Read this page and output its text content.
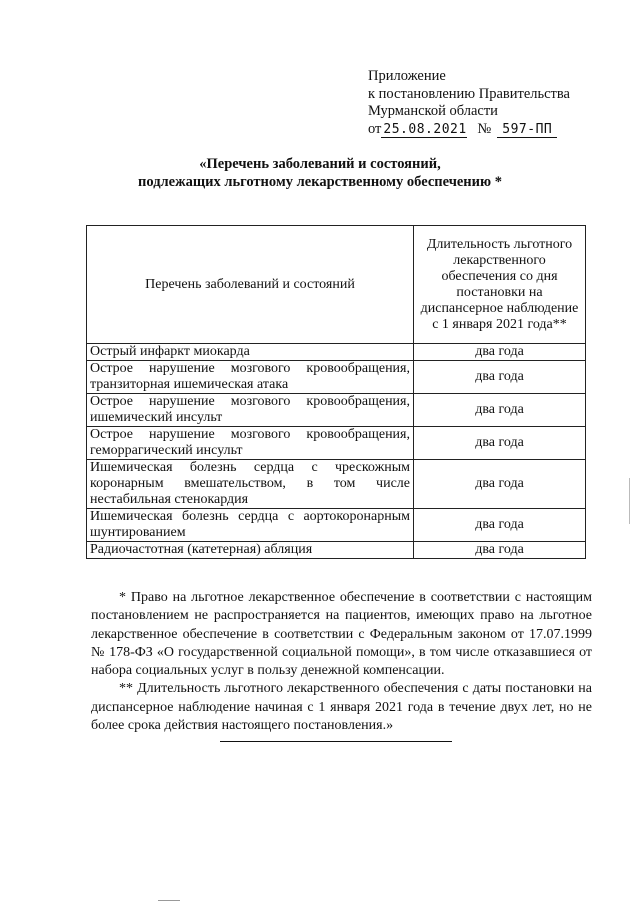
Приложение
к постановлению Правительства
Мурманской области
от 25.08.2021 № 597-ПП
«Перечень заболеваний и состояний,
подлежащих льготному лекарственному обеспечению *
Перечень заболеваний и состояний	Длительность льготного лекарственного обеспечения со дня постановки на диспансерное наблюдение с 1 января 2021 года**
Острый инфаркт миокарда	два года
Острое нарушение мозгового кровообращения, транзиторная ишемическая атака	два года
Острое нарушение мозгового кровообращения, ишемический инсульт	два года
Острое нарушение мозгового кровообращения, геморрагический инсульт	два года
Ишемическая болезнь сердца с чрескожным коронарным вмешательством, в том числе нестабильная стенокардия	два года
Ишемическая болезнь сердца с аортокоронарным шунтированием	два года
Радиочастотная (катетерная) абляция	два года

* Право на льготное лекарственное обеспечение в соответствии с настоящим постановлением не распространяется на пациентов, имеющих право на льготное лекарственное обеспечение в соответствии с Федеральным законом от 17.07.1999 № 178-ФЗ «О государственной социальной помощи», в том числе отказавшиеся от набора социальных услуг в пользу денежной компенсации.

** Длительность льготного лекарственного обеспечения с даты постановки на диспансерное наблюдение начиная с 1 января 2021 года в течение двух лет, но не более срока действия настоящего постановления.»
